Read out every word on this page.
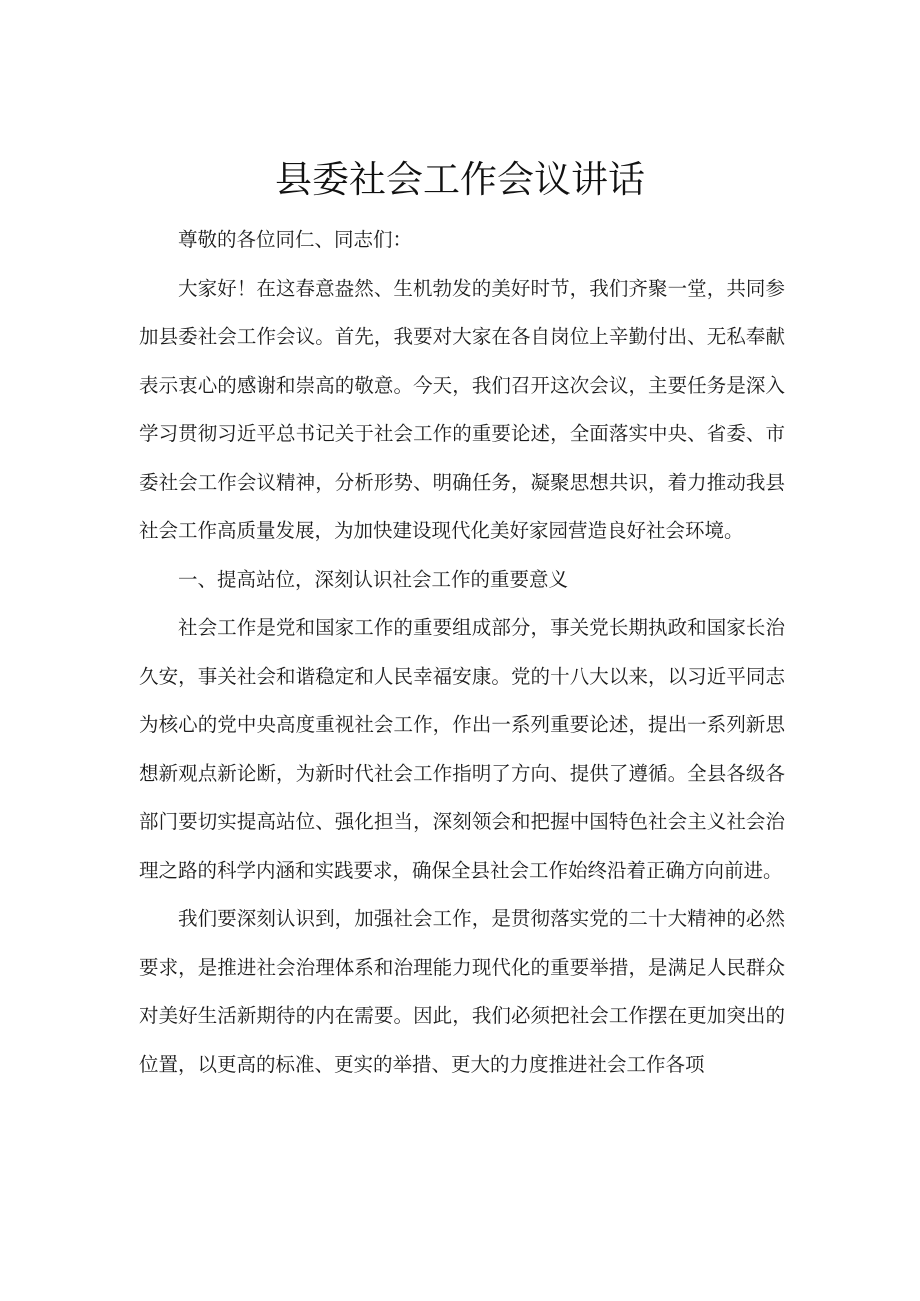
县委社会工作会议讲话

尊敬的各位同仁、同志们：

大家好！在这春意盎然、生机勃发的美好时节，我们齐聚一堂，共同参加县委社会工作会议。首先，我要对大家在各自岗位上辛勤付出、无私奉献表示衷心的感谢和崇高的敬意。今天，我们召开这次会议，主要任务是深入学习贯彻习近平总书记关于社会工作的重要论述，全面落实中央、省委、市委社会工作会议精神，分析形势、明确任务，凝聚思想共识，着力推动我县社会工作高质量发展，为加快建设现代化美好家园营造良好社会环境。

一、提高站位，深刻认识社会工作的重要意义

社会工作是党和国家工作的重要组成部分，事关党长期执政和国家长治久安，事关社会和谐稳定和人民幸福安康。党的十八大以来，以习近平同志为核心的党中央高度重视社会工作，作出一系列重要论述，提出一系列新思想新观点新论断，为新时代社会工作指明了方向、提供了遵循。全县各级各部门要切实提高站位、强化担当，深刻领会和把握中国特色社会主义社会治理之路的科学内涵和实践要求，确保全县社会工作始终沿着正确方向前进。

我们要深刻认识到，加强社会工作，是贯彻落实党的二十大精神的必然要求，是推进社会治理体系和治理能力现代化的重要举措，是满足人民群众对美好生活新期待的内在需要。因此，我们必须把社会工作摆在更加突出的位置，以更高的标准、更实的举措、更大的力度推进社会工作各项
